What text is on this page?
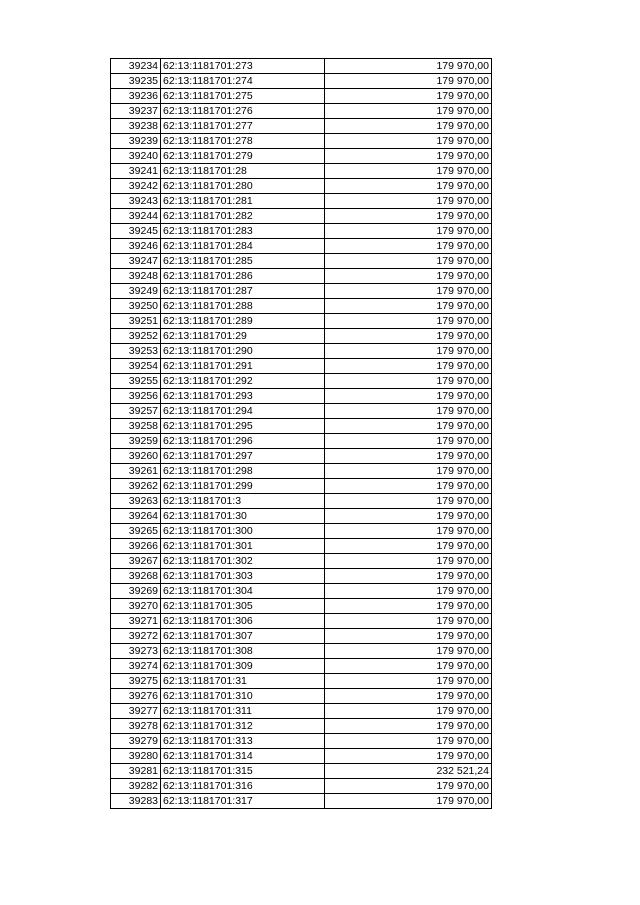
39234	62:13:1181701:273	179 970,00
39235	62:13:1181701:274	179 970,00
39236	62:13:1181701:275	179 970,00
39237	62:13:1181701:276	179 970,00
39238	62:13:1181701:277	179 970,00
39239	62:13:1181701:278	179 970,00
39240	62:13:1181701:279	179 970,00
39241	62:13:1181701:28	179 970,00
39242	62:13:1181701:280	179 970,00
39243	62:13:1181701:281	179 970,00
39244	62:13:1181701:282	179 970,00
39245	62:13:1181701:283	179 970,00
39246	62:13:1181701:284	179 970,00
39247	62:13:1181701:285	179 970,00
39248	62:13:1181701:286	179 970,00
39249	62:13:1181701:287	179 970,00
39250	62:13:1181701:288	179 970,00
39251	62:13:1181701:289	179 970,00
39252	62:13:1181701:29	179 970,00
39253	62:13:1181701:290	179 970,00
39254	62:13:1181701:291	179 970,00
39255	62:13:1181701:292	179 970,00
39256	62:13:1181701:293	179 970,00
39257	62:13:1181701:294	179 970,00
39258	62:13:1181701:295	179 970,00
39259	62:13:1181701:296	179 970,00
39260	62:13:1181701:297	179 970,00
39261	62:13:1181701:298	179 970,00
39262	62:13:1181701:299	179 970,00
39263	62:13:1181701:3	179 970,00
39264	62:13:1181701:30	179 970,00
39265	62:13:1181701:300	179 970,00
39266	62:13:1181701:301	179 970,00
39267	62:13:1181701:302	179 970,00
39268	62:13:1181701:303	179 970,00
39269	62:13:1181701:304	179 970,00
39270	62:13:1181701:305	179 970,00
39271	62:13:1181701:306	179 970,00
39272	62:13:1181701:307	179 970,00
39273	62:13:1181701:308	179 970,00
39274	62:13:1181701:309	179 970,00
39275	62:13:1181701:31	179 970,00
39276	62:13:1181701:310	179 970,00
39277	62:13:1181701:311	179 970,00
39278	62:13:1181701:312	179 970,00
39279	62:13:1181701:313	179 970,00
39280	62:13:1181701:314	179 970,00
39281	62:13:1181701:315	232 521,24
39282	62:13:1181701:316	179 970,00
39283	62:13:1181701:317	179 970,00
